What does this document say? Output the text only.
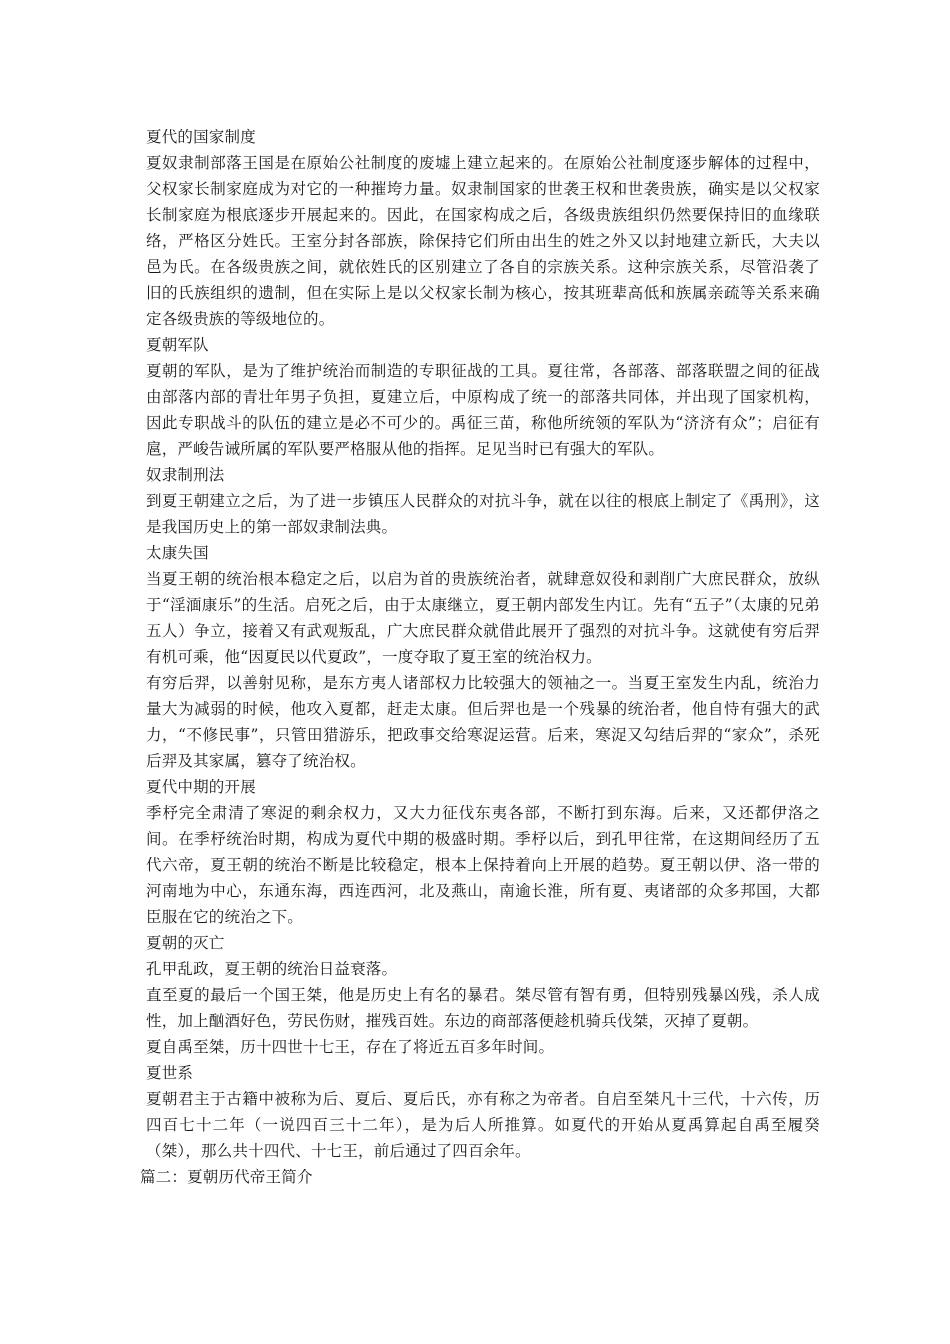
夏代的国家制度

夏奴隶制部落王国是在原始公社制度的废墟上建立起来的。在原始公社制度逐步解体的过程中，父权家长制家庭成为对它的一种摧垮力量。奴隶制国家的世袭王权和世袭贵族，确实是以父权家长制家庭为根底逐步开展起来的。因此，在国家构成之后，各级贵族组织仍然要保持旧的血缘联络，严格区分姓氏。王室分封各部族，除保持它们所由出生的姓之外又以封地建立新氏，大夫以邑为氏。在各级贵族之间，就依姓氏的区别建立了各自的宗族关系。这种宗族关系，尽管沿袭了旧的氏族组织的遗制，但在实际上是以父权家长制为核心，按其班辈高低和族属亲疏等关系来确定各级贵族的等级地位的。

夏朝军队

夏朝的军队，是为了维护统治而制造的专职征战的工具。夏往常，各部落、部落联盟之间的征战由部落内部的青壮年男子负担，夏建立后，中原构成了统一的部落共同体，并出现了国家机构，因此专职战斗的队伍的建立是必不可少的。禹征三苗，称他所统领的军队为“济济有众”；启征有扈，严峻告诫所属的军队要严格服从他的指挥。足见当时已有强大的军队。

奴隶制刑法

到夏王朝建立之后，为了进一步镇压人民群众的对抗斗争，就在以往的根底上制定了《禹刑》，这是我国历史上的第一部奴隶制法典。

太康失国

当夏王朝的统治根本稳定之后，以启为首的贵族统治者，就肆意奴役和剥削广大庶民群众，放纵于“淫湎康乐”的生活。启死之后，由于太康继立，夏王朝内部发生内讧。先有“五子”（太康的兄弟五人）争立，接着又有武观叛乱，广大庶民群众就借此展开了强烈的对抗斗争。这就使有穷后羿有机可乘，他“因夏民以代夏政”，一度夺取了夏王室的统治权力。

有穷后羿，以善射见称，是东方夷人诸部权力比较强大的领袖之一。当夏王室发生内乱，统治力量大为减弱的时候，他攻入夏都，赶走太康。但后羿也是一个残暴的统治者，他自恃有强大的武力，“不修民事”，只管田猎游乐，把政事交给寒浞运营。后来，寒浞又勾结后羿的“家众”，杀死后羿及其家属，篡夺了统治权。

夏代中期的开展

季杼完全肃清了寒浞的剩余权力，又大力征伐东夷各部，不断打到东海。后来，又还都伊洛之间。在季杼统治时期，构成为夏代中期的极盛时期。季杼以后，到孔甲往常，在这期间经历了五代六帝，夏王朝的统治不断是比较稳定，根本上保持着向上开展的趋势。夏王朝以伊、洛一带的河南地为中心，东通东海，西连西河，北及燕山，南逾长淮，所有夏、夷诸部的众多邦国，大都臣服在它的统治之下。

夏朝的灭亡

孔甲乱政，夏王朝的统治日益衰落。

直至夏的最后一个国王桀，他是历史上有名的暴君。桀尽管有智有勇，但特别残暴凶残，杀人成性，加上酗酒好色，劳民伤财，摧残百姓。东边的商部落便趁机骑兵伐桀，灭掉了夏朝。

夏自禹至桀，历十四世十七王，存在了将近五百多年时间。

夏世系

夏朝君主于古籍中被称为后、夏后、夏后氏，亦有称之为帝者。自启至桀凡十三代，十六传，历四百七十二年（一说四百三十二年），是为后人所推算。如夏代的开始从夏禹算起自禹至履癸（桀），那么共十四代、十七王，前后通过了四百余年。

篇二：夏朝历代帝王简介
